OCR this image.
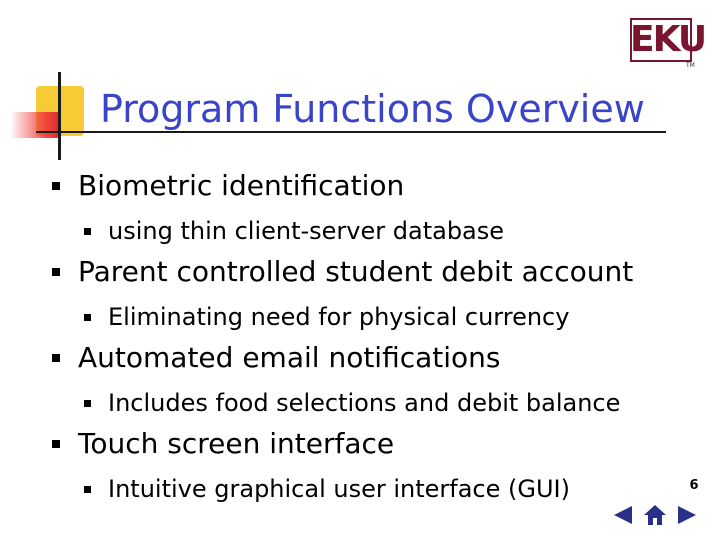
EKU
TM
Program Functions Overview
Biometric identification
using thin client-server database
Parent controlled student debit account
Eliminating need for physical currency
Automated email notifications
Includes food selections and debit balance
Touch screen interface
Intuitive graphical user interface (GUI)	6
